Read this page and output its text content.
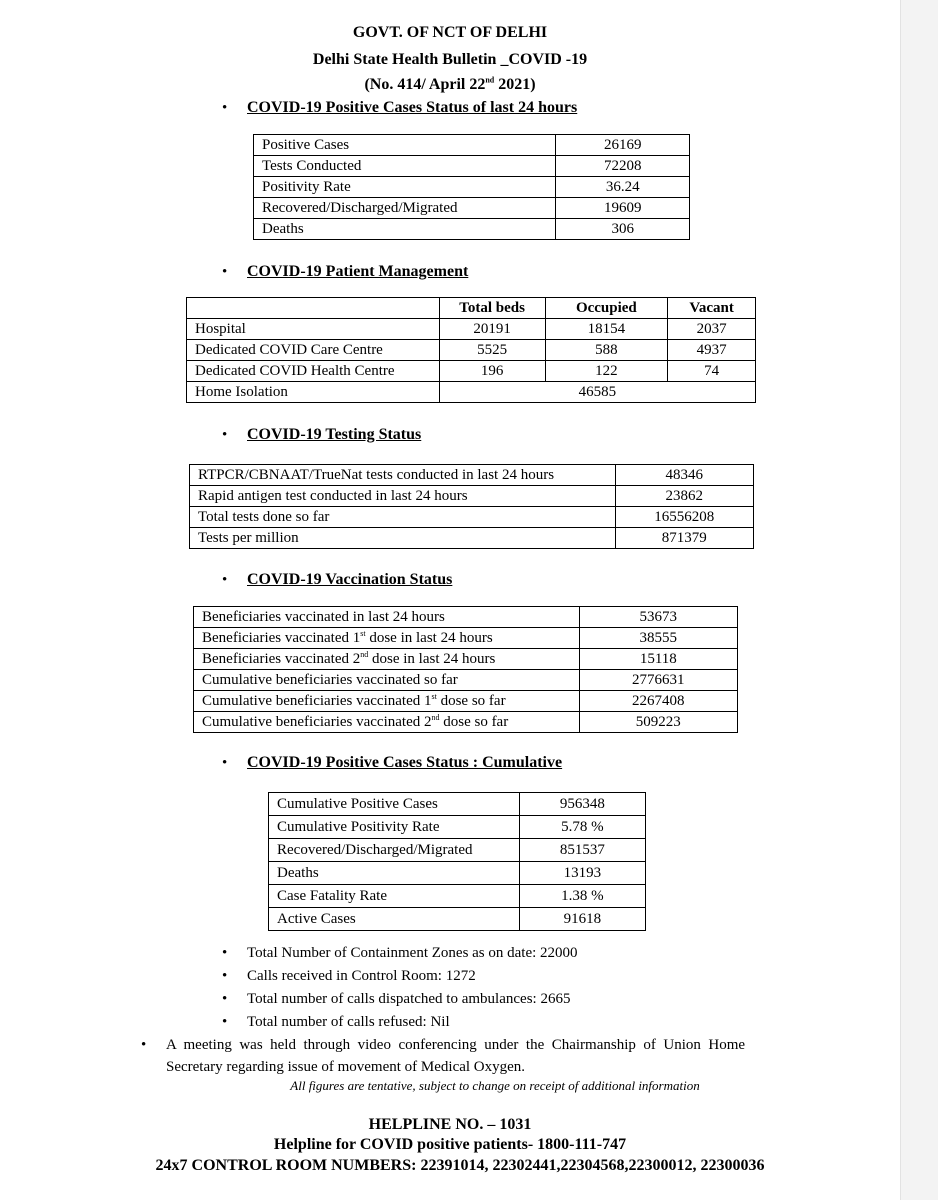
GOVT. OF NCT OF DELHI
Delhi State Health Bulletin _COVID -19
(No. 414/ April 22nd 2021)
• COVID-19 Positive Cases Status of last 24 hours
Positive Cases	26169
Tests Conducted	72208
Positivity Rate	36.24
Recovered/Discharged/Migrated	19609
Deaths	306
• COVID-19 Patient Management
	Total beds	Occupied	Vacant
Hospital	20191	18154	2037
Dedicated COVID Care Centre	5525	588	4937
Dedicated COVID Health Centre	196	122	74
Home Isolation	46585		
• COVID-19 Testing Status
RTPCR/CBNAAT/TrueNat tests conducted in last 24 hours	48346
Rapid antigen test conducted in last 24 hours	23862
Total tests done so far	16556208
Tests per million	871379
• COVID-19 Vaccination Status
Beneficiaries vaccinated in last 24 hours	53673
Beneficiaries vaccinated 1st dose in last 24 hours	38555
Beneficiaries vaccinated 2nd dose in last 24 hours	15118
Cumulative beneficiaries vaccinated so far	2776631
Cumulative beneficiaries vaccinated 1st dose so far	2267408
Cumulative beneficiaries vaccinated 2nd dose so far	509223
• COVID-19 Positive Cases Status : Cumulative
Cumulative Positive Cases	956348
Cumulative Positivity Rate	5.78 %
Recovered/Discharged/Migrated	851537
Deaths	13193
Case Fatality Rate	1.38 %
Active Cases	91618
• Total Number of Containment Zones as on date: 22000
• Calls received in Control Room: 1272
• Total number of calls dispatched to ambulances: 2665
• Total number of calls refused: Nil
• A  meeting  was  held  through  video  conferencing  under  the  Chairmanship  of  Union  Home
Secretary regarding issue of movement of Medical Oxygen.
All figures are tentative, subject to change on receipt of additional information
HELPLINE NO. – 1031
Helpline for COVID positive patients- 1800-111-747
24x7 CONTROL ROOM NUMBERS: 22391014, 22302441,22304568,22300012, 22300036
